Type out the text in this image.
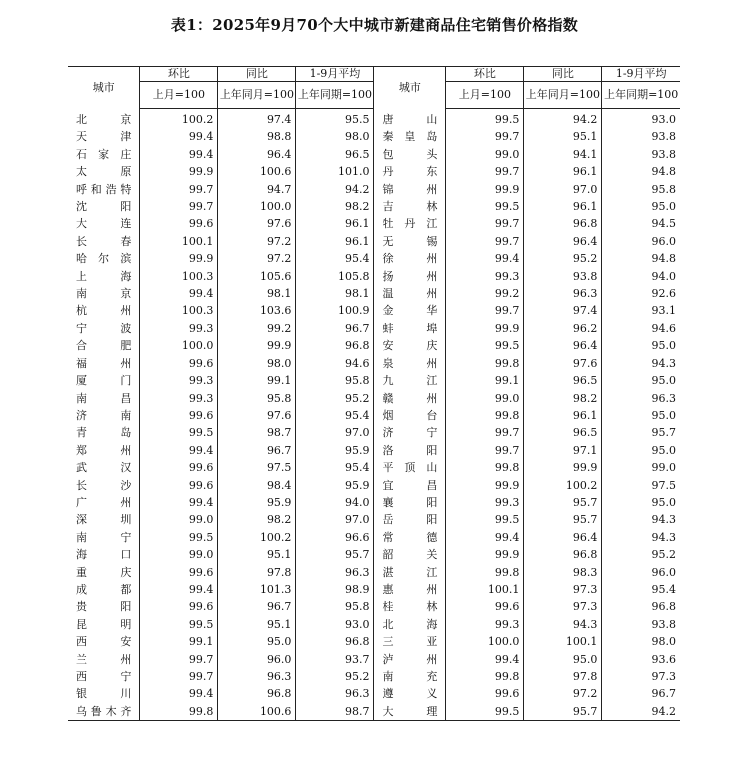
表1：2025年9月70个大中城市新建商品住宅销售价格指数
城市	环比	同比	1-9月平均	城市	环比	同比	1-9月平均
	上月=100	上年同月=100	上年同期=100		上月=100	上年同月=100	上年同期=100
北京	100.2	97.4	95.5	唐山	99.5	94.2	93.0
天津	99.4	98.8	98.0	秦皇岛	99.7	95.1	93.8
石家庄	99.4	96.4	96.5	包头	99.0	94.1	93.8
太原	99.9	100.6	101.0	丹东	99.7	96.1	94.8
呼和浩特	99.7	94.7	94.2	锦州	99.9	97.0	95.8
沈阳	99.7	100.0	98.2	吉林	99.5	96.1	95.0
大连	99.6	97.6	96.1	牡丹江	99.7	96.8	94.5
长春	100.1	97.2	96.1	无锡	99.7	96.4	96.0
哈尔滨	99.9	97.2	95.4	徐州	99.4	95.2	94.8
上海	100.3	105.6	105.8	扬州	99.3	93.8	94.0
南京	99.4	98.1	98.1	温州	99.2	96.3	92.6
杭州	100.3	103.6	100.9	金华	99.7	97.4	93.1
宁波	99.3	99.2	96.7	蚌埠	99.9	96.2	94.6
合肥	100.0	99.9	96.8	安庆	99.5	96.4	95.0
福州	99.6	98.0	94.6	泉州	99.8	97.6	94.3
厦门	99.3	99.1	95.8	九江	99.1	96.5	95.0
南昌	99.3	95.8	95.2	赣州	99.0	98.2	96.3
济南	99.6	97.6	95.4	烟台	99.8	96.1	95.0
青岛	99.5	98.7	97.0	济宁	99.7	96.5	95.7
郑州	99.4	96.7	95.9	洛阳	99.7	97.1	95.0
武汉	99.6	97.5	95.4	平顶山	99.8	99.9	99.0
长沙	99.6	98.4	95.9	宜昌	99.9	100.2	97.5
广州	99.4	95.9	94.0	襄阳	99.3	95.7	95.0
深圳	99.0	98.2	97.0	岳阳	99.5	95.7	94.3
南宁	99.5	100.2	96.6	常德	99.4	96.4	94.3
海口	99.0	95.1	95.7	韶关	99.9	96.8	95.2
重庆	99.6	97.8	96.3	湛江	99.8	98.3	96.0
成都	99.4	101.3	98.9	惠州	100.1	97.3	95.4
贵阳	99.6	96.7	95.8	桂林	99.6	97.3	96.8
昆明	99.5	95.1	93.0	北海	99.3	94.3	93.8
西安	99.1	95.0	96.8	三亚	100.0	100.1	98.0
兰州	99.7	96.0	93.7	泸州	99.4	95.0	93.6
西宁	99.7	96.3	95.2	南充	99.8	97.8	97.3
银川	99.4	96.8	96.3	遵义	99.6	97.2	96.7
乌鲁木齐	99.8	100.6	98.7	大理	99.5	95.7	94.2
